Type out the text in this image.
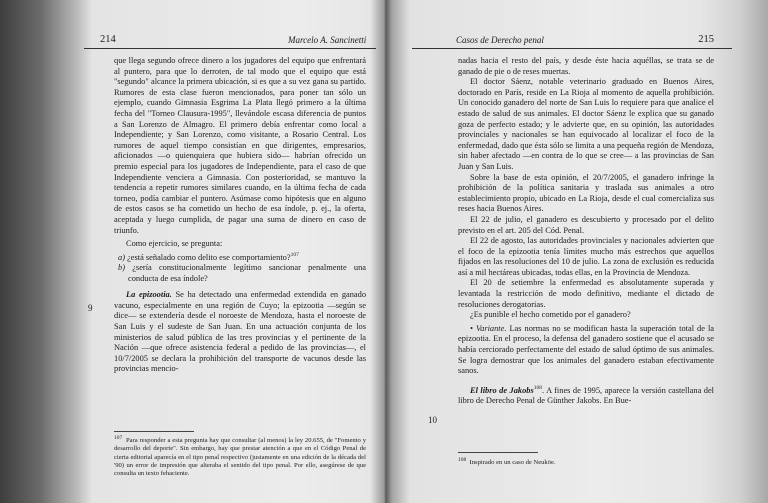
214	Marcelo A. Sancinetti

que llega segundo ofrece dinero a los jugadores del equipo que enfrentará al puntero, para que lo derroten, de tal modo que el equipo que está "segundo" alcance la primera ubicación, si es que a su vez gana su partido. Rumores de esta clase fueron mencionados, para poner tan sólo un ejemplo, cuando Gimnasia Esgrima La Plata llegó primero a la última fecha del "Torneo Clausura-1995", llevándole escasa diferencia de puntos a San Lorenzo de Almagro. El primero debía enfrentar como local a Independiente; y San Lorenzo, como visitante, a Rosario Central. Los rumores de aquel tiempo consistían en que dirigentes, empresarios, aficionados —o quienquiera que hubiera sido— habrían ofrecido un premio especial para los jugadores de Independiente, para el caso de que Independiente venciera a Gimnasia. Con posterioridad, se mantuvo la tendencia a repetir rumores similares cuando, en la última fecha de cada torneo, podía cambiar el puntero. Asúmase como hipótesis que en alguno de estos casos se ha cometido un hecho de esa índole, p. ej., la oferta, aceptada y luego cumplida, de pagar una suma de dinero en caso de triunfo.

Como ejercicio, se pregunta:

a) ¿está señalado como delito ese comportamiento?$^{107}$

b) ¿sería constitucionalmente legítimo sancionar penalmente una conducta de esa índole?

La epizootia. Se ha detectado una enfermedad extendida en ganado vacuno, especialmente en una región de Cuyo; la epizootia —según se dice— se extendería desde el noroeste de Mendoza, hasta el noroeste de San Luis y el sudeste de San Juan. En una actuación conjunta de los ministerios de salud pública de las tres provincias y el pertinente de la Nación —que ofrece asistencia federal a pedido de las provincias—, el 10/7/2005 se declara la prohibición del transporte de vacunos desde las provincias mencio-

9
$^{107}$ Para responder a esta pregunta hay que consultar (al menos) la ley 20.655, de "Fomento y desarrollo del deporte". Sin embargo, hay que prestar atención a que en el Código Penal de cierta editorial aparecía en el tipo penal respectivo (justamente en una edición de la década del '90) un error de impresión que alteraba el sentido del tipo penal. Por ello, asegúrese de que consulta un texto fehaciente.
Casos de Derecho penal	215

nadas hacia el resto del país, y desde éste hacia aquéllas, se trata se de ganado de pie o de reses muertas.

El doctor Sáenz, notable veterinario graduado en Buenos Aires, doctorado en París, reside en La Rioja al momento de aquella prohibición. Un conocido ganadero del norte de San Luis lo requiere para que analice el estado de salud de sus animales. El doctor Sáenz le explica que su ganado goza de perfecto estado; y le advierte que, en su opinión, las autoridades provinciales y nacionales se han equivocado al localizar el foco de la enfermedad, dado que ésta sólo se limita a una pequeña región de Mendoza, sin haber afectado —en contra de lo que se cree— a las provincias de San Juan y San Luis.

Sobre la base de esta opinión, el 20/7/2005, el ganadero infringe la prohibición de la política sanitaria y traslada sus animales a otro establecimiento propio, ubicado en La Rioja, desde el cual comercializa sus reses hacia Buenos Aires.

El 22 de julio, el ganadero es descubierto y procesado por el delito previsto en el art. 205 del Cód. Penal.

El 22 de agosto, las autoridades provinciales y nacionales advierten que el foco de la epizootia tenía límites mucho más estrechos que aquellos fijados en las resoluciones del 10 de julio. La zona de exclusión es reducida así a mil hectáreas ubicadas, todas ellas, en la Provincia de Mendoza.

El 20 de setiembre la enfermedad es absolutamente superada y levantada la restricción de modo definitivo, mediante el dictado de resoluciones derogatorias.

¿Es punible el hecho cometido por el ganadero?

• Variante. Las normas no se modifican hasta la superación total de la epizootia. En el proceso, la defensa del ganadero sostiene que el acusado se había cerciorado perfectamente del estado de salud óptimo de sus animales. Se logra demostrar que los animales del ganadero estaban efectivamente sanos.

El libro de Jakobs$^{108}$. A fines de 1995, aparece la versión castellana del libro de Derecho Penal de Günther Jakobs. En Bue-

10
$^{108}$ Inspirado en un caso de Neuköe.
